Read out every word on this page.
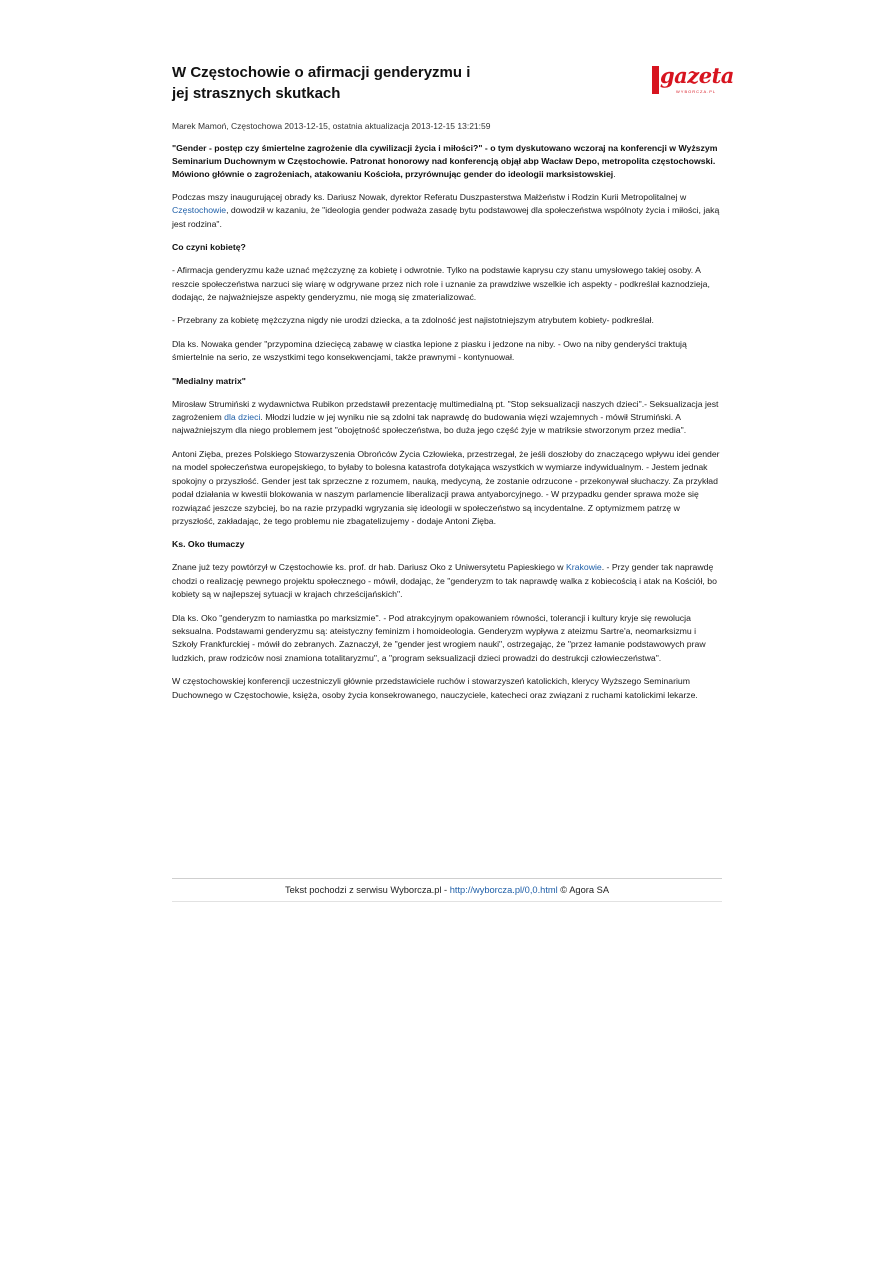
gazeta
WYBORCZA.PL
W Częstochowie o afirmacji genderyzmu i
jej strasznych skutkach
Marek Mamoń, Częstochowa 2013-12-15, ostatnia aktualizacja 2013-12-15 13:21:59
"Gender - postęp czy śmiertelne zagrożenie dla cywilizacji życia i miłości?" - o tym dyskutowano wczoraj na konferencji w Wyższym Seminarium Duchownym w Częstochowie. Patronat honorowy nad konferencją objął abp Wacław Depo, metropolita częstochowski. Mówiono głównie o zagrożeniach, atakowaniu Kościoła, przyrównując gender do ideologii marksistowskiej.
Podczas mszy inaugurującej obrady ks. Dariusz Nowak, dyrektor Referatu Duszpasterstwa Małżeństw i Rodzin Kurii Metropolitalnej w Częstochowie, dowodził w kazaniu, że "ideologia gender podważa zasadę bytu podstawowej dla społeczeństwa wspólnoty życia i miłości, jaką jest rodzina".
Co czyni kobietę?
- Afirmacja genderyzmu każe uznać mężczyznę za kobietę i odwrotnie. Tylko na podstawie kaprysu czy stanu umysłowego takiej osoby. A reszcie społeczeństwa narzuci się wiarę w odgrywane przez nich role i uznanie za prawdziwe wszelkie ich aspekty - podkreślał kaznodzieja, dodając, że najważniejsze aspekty genderyzmu, nie mogą się zmaterializować.
- Przebrany za kobietę mężczyzna nigdy nie urodzi dziecka, a ta zdolność jest najistotniejszym atrybutem kobiety- podkreślał.
Dla ks. Nowaka gender "przypomina dziecięcą zabawę w ciastka lepione z piasku i jedzone na niby. - Owo na niby genderyści traktują śmiertelnie na serio, ze wszystkimi tego konsekwencjami, także prawnymi - kontynuował.
"Medialny matrix"
Mirosław Strumiński z wydawnictwa Rubikon przedstawił prezentację multimedialną pt. "Stop seksualizacji naszych dzieci".- Seksualizacja jest zagrożeniem dla dzieci. Młodzi ludzie w jej wyniku nie są zdolni tak naprawdę do budowania więzi wzajemnych - mówił Strumiński. A najważniejszym dla niego problemem jest "obojętność społeczeństwa, bo duża jego część żyje w matriksie stworzonym przez media".
Antoni Zięba, prezes Polskiego Stowarzyszenia Obrońców Życia Człowieka, przestrzegał, że jeśli doszłoby do znaczącego wpływu idei gender na model społeczeństwa europejskiego, to byłaby to bolesna katastrofa dotykająca wszystkich w wymiarze indywidualnym. - Jestem jednak spokojny o przyszłość. Gender jest tak sprzeczne z rozumem, nauką, medycyną, że zostanie odrzucone - przekonywał słuchaczy. Za przykład podał działania w kwestii blokowania w naszym parlamencie liberalizacji prawa antyaborcyjnego. - W przypadku gender sprawa może się rozwiązać jeszcze szybciej, bo na razie przypadki wgryzania się ideologii w społeczeństwo są incydentalne. Z optymizmem patrzę w przyszłość, zakładając, że tego problemu nie zbagatelizujemy - dodaje Antoni Zięba.
Ks. Oko tłumaczy
Znane już tezy powtórzył w Częstochowie ks. prof. dr hab. Dariusz Oko z Uniwersytetu Papieskiego w Krakowie. - Przy gender tak naprawdę chodzi o realizację pewnego projektu społecznego - mówił, dodając, że "genderyzm to tak naprawdę walka z kobiecością i atak na Kościół, bo kobiety są w najlepszej sytuacji w krajach chrześcijańskich".
Dla ks. Oko "genderyzm to namiastka po marksizmie". - Pod atrakcyjnym opakowaniem równości, tolerancji i kultury kryje się rewolucja seksualna. Podstawami genderyzmu są: ateistyczny feminizm i homoideologia. Genderyzm wypływa z ateizmu Sartre'a, neomarksizmu i Szkoły Frankfurckiej - mówił do zebranych. Zaznaczył, że "gender jest wrogiem nauki", ostrzegając, że "przez łamanie podstawowych praw ludzkich, praw rodziców nosi znamiona totalitaryzmu", a "program seksualizacji dzieci prowadzi do destrukcji człowieczeństwa".
W częstochowskiej konferencji uczestniczyli głównie przedstawiciele ruchów i stowarzyszeń katolickich, klerycy Wyższego Seminarium Duchownego w Częstochowie, księża, osoby życia konsekrowanego, nauczyciele, katecheci oraz związani z ruchami katolickimi lekarze.
Tekst pochodzi z serwisu Wyborcza.pl - http://wyborcza.pl/0,0.html © Agora SA
